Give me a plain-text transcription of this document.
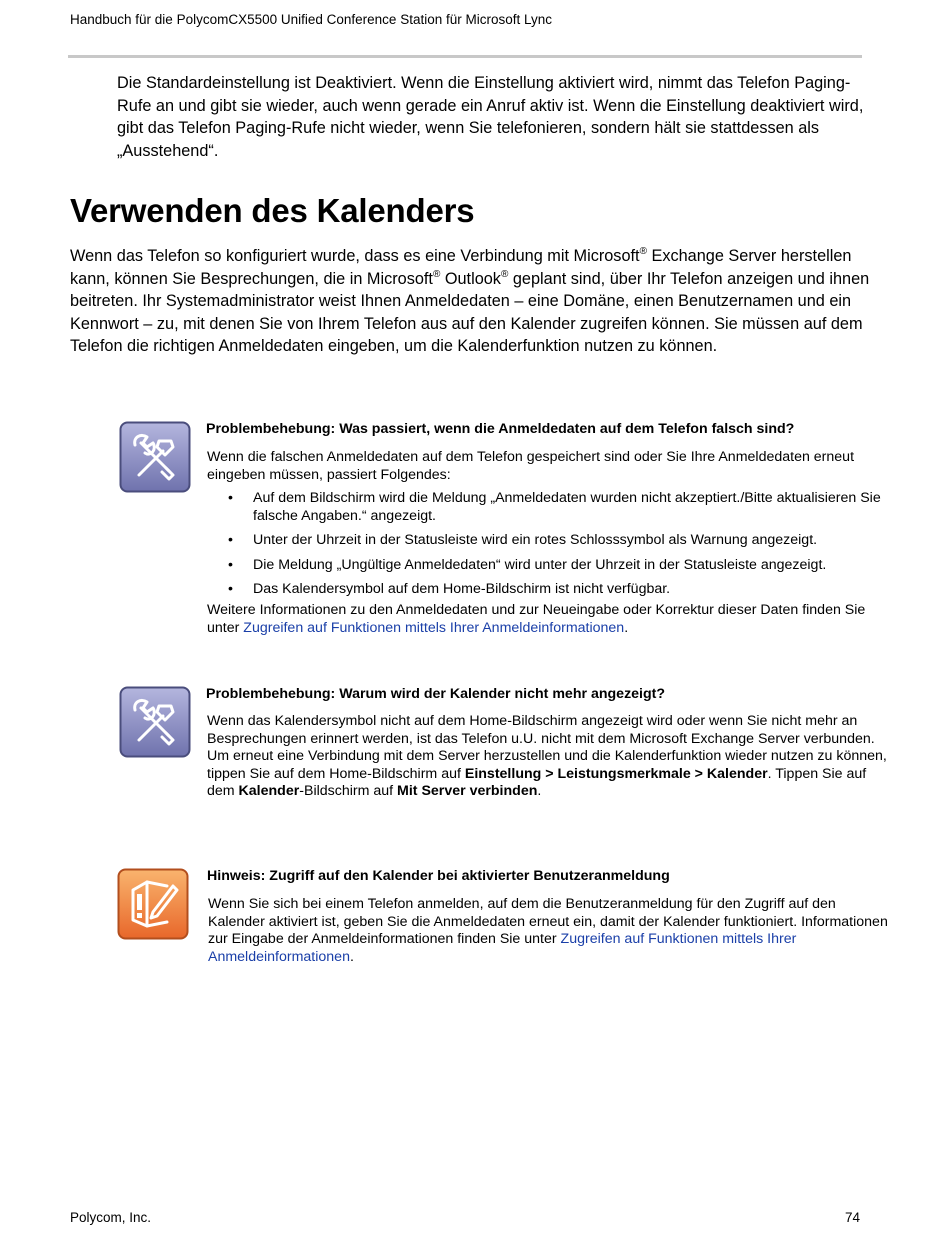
Handbuch für die PolycomCX5500 Unified Conference Station für Microsoft Lync

Die Standardeinstellung ist Deaktiviert. Wenn die Einstellung aktiviert wird, nimmt das Telefon Paging-Rufe an und gibt sie wieder, auch wenn gerade ein Anruf aktiv ist. Wenn die Einstellung deaktiviert wird, gibt das Telefon Paging-Rufe nicht wieder, wenn Sie telefonieren, sondern hält sie stattdessen als „Ausstehend“.

Verwenden des Kalenders

Wenn das Telefon so konfiguriert wurde, dass es eine Verbindung mit Microsoft® Exchange Server herstellen kann, können Sie Besprechungen, die in Microsoft® Outlook® geplant sind, über Ihr Telefon anzeigen und ihnen beitreten. Ihr Systemadministrator weist Ihnen Anmeldedaten – eine Domäne, einen Benutzernamen und ein Kennwort – zu, mit denen Sie von Ihrem Telefon aus auf den Kalender zugreifen können. Sie müssen auf dem Telefon die richtigen Anmeldedaten eingeben, um die Kalenderfunktion nutzen zu können.

Problembehebung: Was passiert, wenn die Anmeldedaten auf dem Telefon falsch sind?
Wenn die falschen Anmeldedaten auf dem Telefon gespeichert sind oder Sie Ihre Anmeldedaten erneut eingeben müssen, passiert Folgendes:
• Auf dem Bildschirm wird die Meldung „Anmeldedaten wurden nicht akzeptiert./Bitte aktualisieren Sie falsche Angaben.“ angezeigt.
• Unter der Uhrzeit in der Statusleiste wird ein rotes Schlosssymbol als Warnung angezeigt.
• Die Meldung „Ungültige Anmeldedaten“ wird unter der Uhrzeit in der Statusleiste angezeigt.
• Das Kalendersymbol auf dem Home-Bildschirm ist nicht verfügbar.
Weitere Informationen zu den Anmeldedaten und zur Neueingabe oder Korrektur dieser Daten finden Sie unter Zugreifen auf Funktionen mittels Ihrer Anmeldeinformationen.
Problembehebung: Warum wird der Kalender nicht mehr angezeigt?
Wenn das Kalendersymbol nicht auf dem Home-Bildschirm angezeigt wird oder wenn Sie nicht mehr an Besprechungen erinnert werden, ist das Telefon u.U. nicht mit dem Microsoft Exchange Server verbunden. Um erneut eine Verbindung mit dem Server herzustellen und die Kalenderfunktion wieder nutzen zu können, tippen Sie auf dem Home-Bildschirm auf Einstellung > Leistungsmerkmale > Kalender. Tippen Sie auf dem Kalender-Bildschirm auf Mit Server verbinden.
Hinweis: Zugriff auf den Kalender bei aktivierter Benutzeranmeldung
Wenn Sie sich bei einem Telefon anmelden, auf dem die Benutzeranmeldung für den Zugriff auf den Kalender aktiviert ist, geben Sie die Anmeldedaten erneut ein, damit der Kalender funktioniert. Informationen zur Eingabe der Anmeldeinformationen finden Sie unter Zugreifen auf Funktionen mittels Ihrer Anmeldeinformationen.
Polycom, Inc.	74
